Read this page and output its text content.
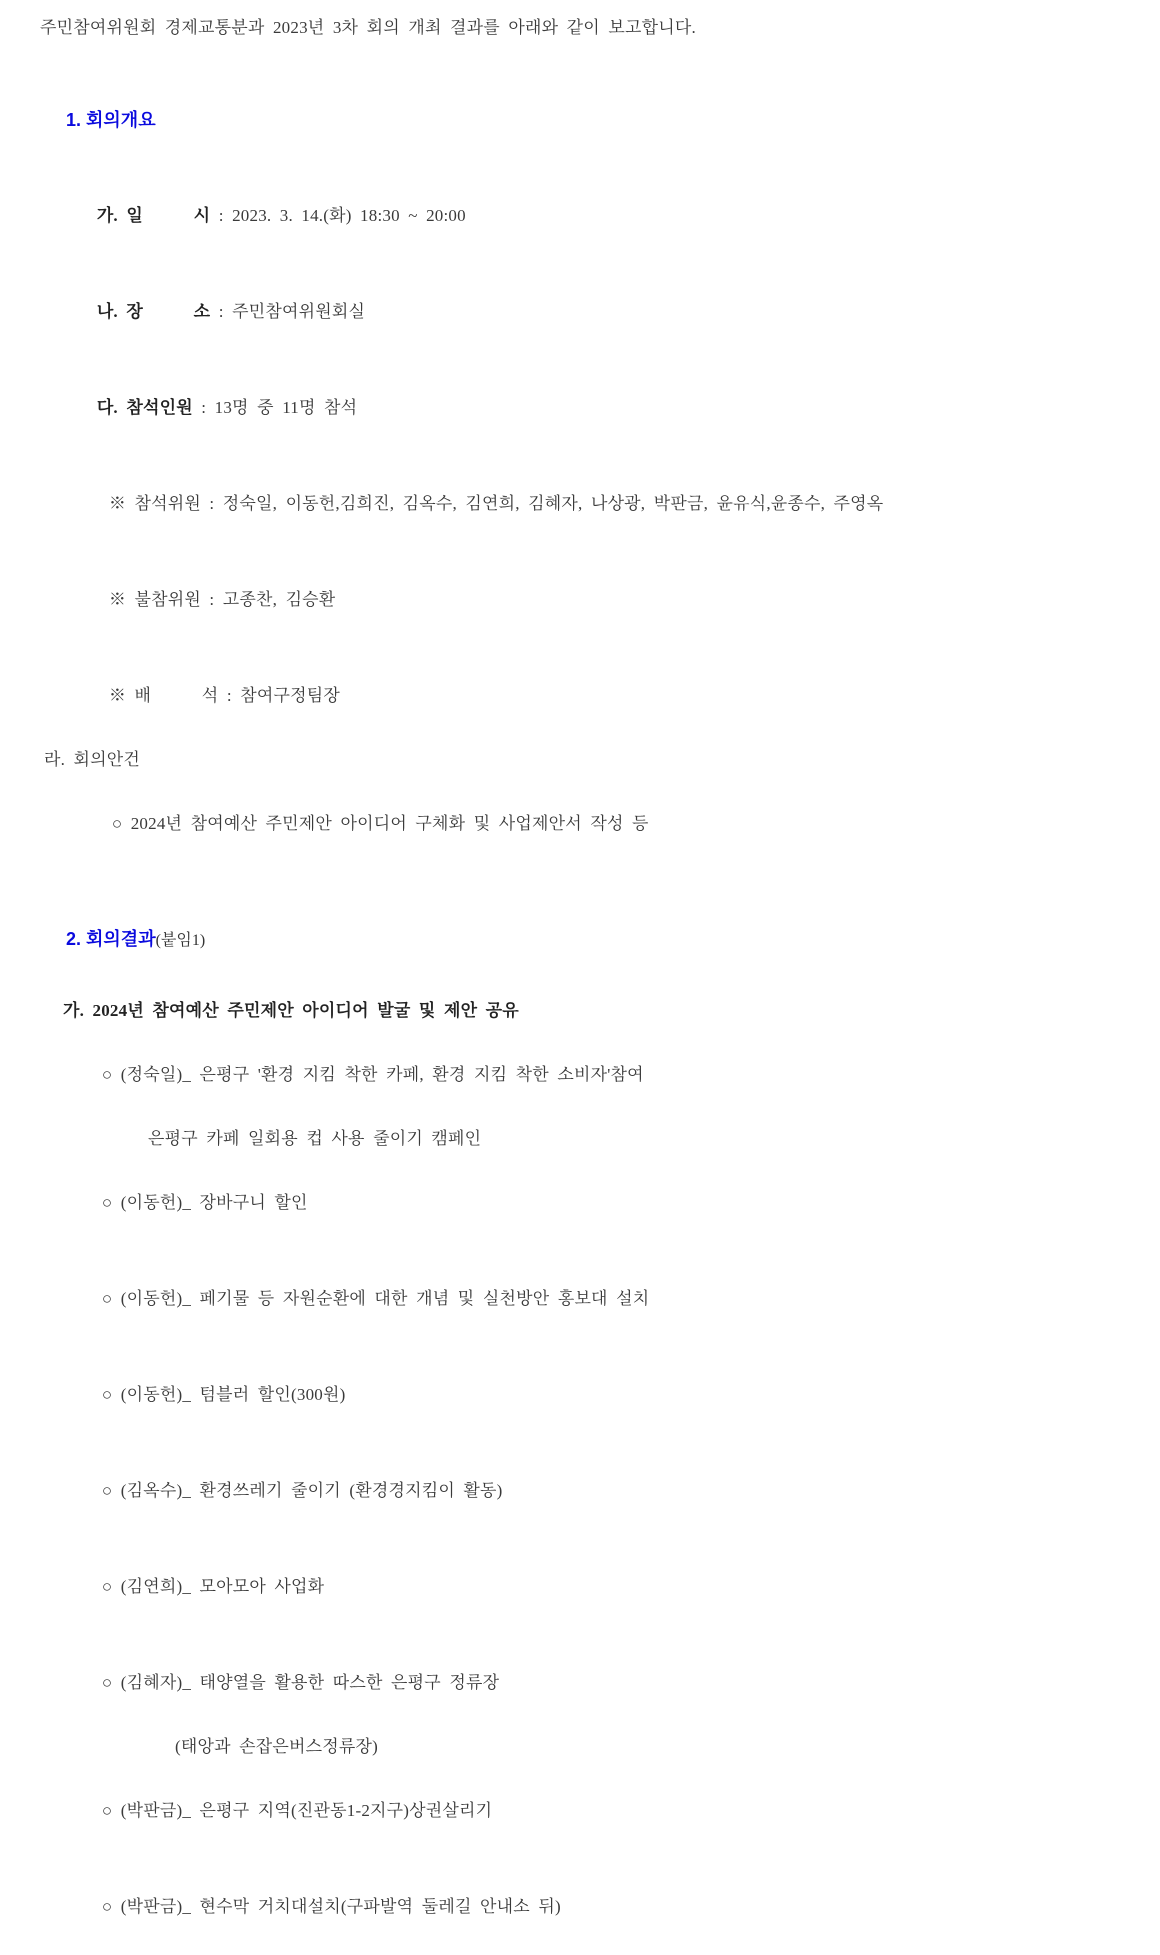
주민참여위원회 경제교통분과 2023년 3차 회의 개최 결과를 아래와 같이 보고합니다.

1. 회의개요

가. 일      시 : 2023. 3. 14.(화) 18:30 ~ 20:00

나. 장      소 : 주민참여위원회실

다. 참석인원 : 13명 중 11명 참석

※ 참석위원 : 정숙일, 이동헌,김희진, 김옥수, 김연희, 김혜자, 나상광, 박판금, 윤유식,윤종수, 주영옥

※ 불참위원 : 고종찬, 김승환

※ 배      석 : 참여구정팀장

라. 회의안건

○ 2024년 참여예산 주민제안 아이디어 구체화 및 사업제안서 작성 등

2. 회의결과(붙임1)

가. 2024년 참여예산 주민제안 아이디어 발굴 및 제안 공유

○ (정숙일)_ 은평구 '환경 지킴 착한 카페, 환경 지킴 착한 소비자'참여

은평구 카페 일회용 컵 사용 줄이기 캠페인

○ (이동헌)_ 장바구니 할인

○ (이동헌)_ 페기물 등 자원순환에 대한 개념 및 실천방안 홍보대 설치

○ (이동헌)_ 텀블러 할인(300원)

○ (김옥수)_ 환경쓰레기 줄이기 (환경경지킴이 활동)

○ (김연희)_ 모아모아 사업화

○ (김혜자)_ 태양열을 활용한 따스한 은평구 정류장

(태앙과 손잡은버스정류장)

○ (박판금)_ 은평구 지역(진관동1-2지구)상권살리기

○ (박판금)_ 현수막 거치대설치(구파발역 둘레길 안내소 뒤)
